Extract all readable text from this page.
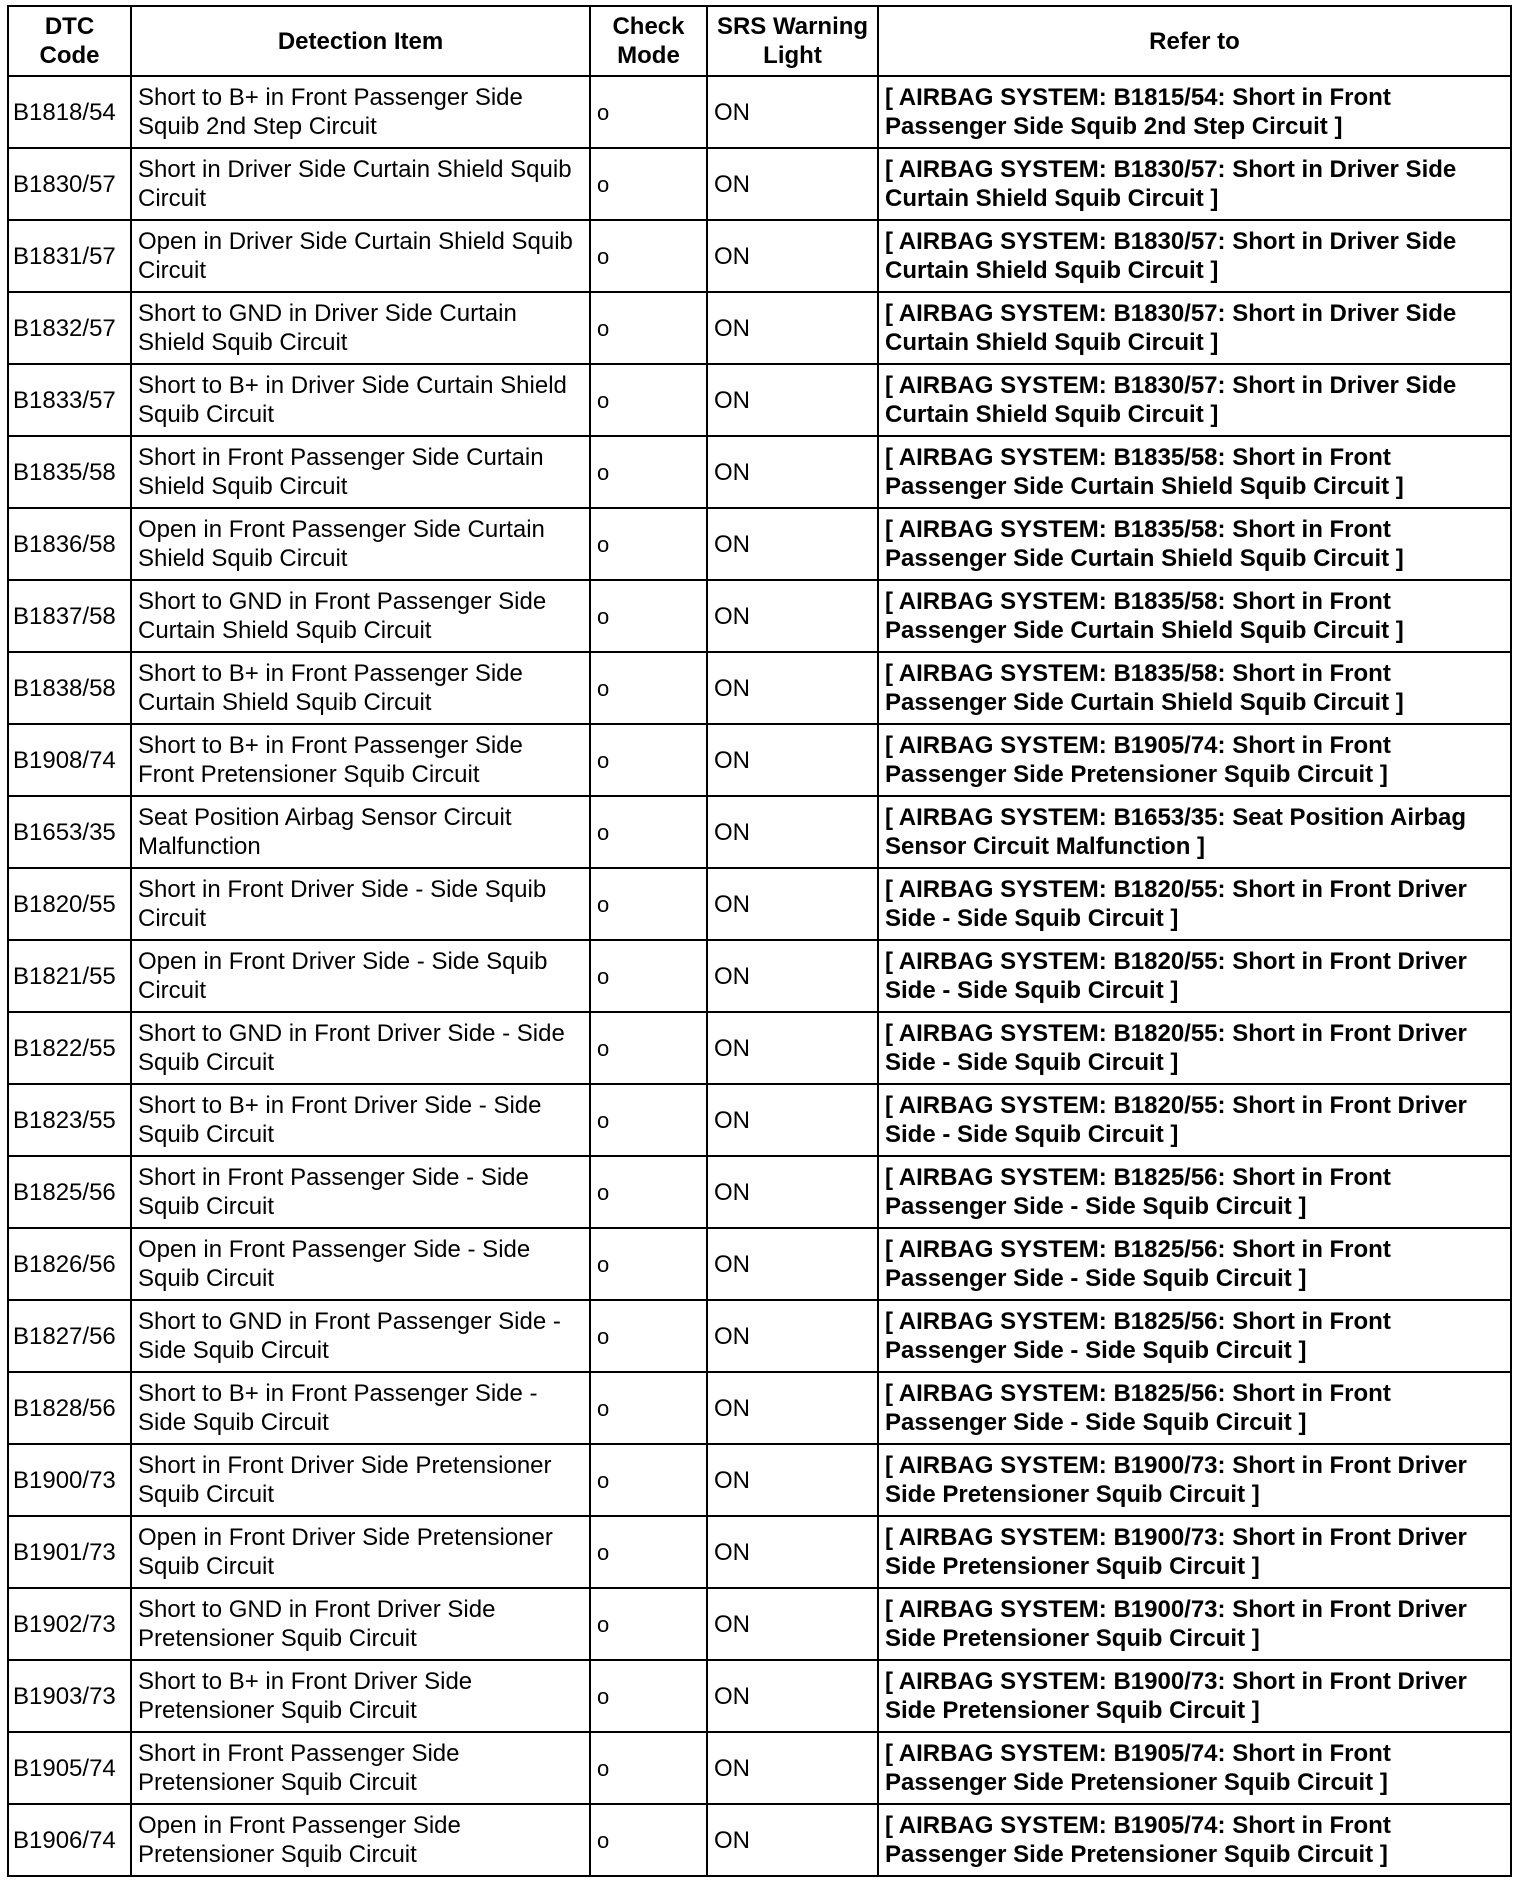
DTC Code	Detection Item	Check Mode	SRS Warning Light	Refer to
B1818/54	Short to B+ in Front Passenger Side Squib 2nd Step Circuit	o	ON	[ AIRBAG SYSTEM: B1815/54: Short in Front Passenger Side Squib 2nd Step Circuit ]
B1830/57	Short in Driver Side Curtain Shield Squib Circuit	o	ON	[ AIRBAG SYSTEM: B1830/57: Short in Driver Side Curtain Shield Squib Circuit ]
B1831/57	Open in Driver Side Curtain Shield Squib Circuit	o	ON	[ AIRBAG SYSTEM: B1830/57: Short in Driver Side Curtain Shield Squib Circuit ]
B1832/57	Short to GND in Driver Side Curtain Shield Squib Circuit	o	ON	[ AIRBAG SYSTEM: B1830/57: Short in Driver Side Curtain Shield Squib Circuit ]
B1833/57	Short to B+ in Driver Side Curtain Shield Squib Circuit	o	ON	[ AIRBAG SYSTEM: B1830/57: Short in Driver Side Curtain Shield Squib Circuit ]
B1835/58	Short in Front Passenger Side Curtain Shield Squib Circuit	o	ON	[ AIRBAG SYSTEM: B1835/58: Short in Front Passenger Side Curtain Shield Squib Circuit ]
B1836/58	Open in Front Passenger Side Curtain Shield Squib Circuit	o	ON	[ AIRBAG SYSTEM: B1835/58: Short in Front Passenger Side Curtain Shield Squib Circuit ]
B1837/58	Short to GND in Front Passenger Side Curtain Shield Squib Circuit	o	ON	[ AIRBAG SYSTEM: B1835/58: Short in Front Passenger Side Curtain Shield Squib Circuit ]
B1838/58	Short to B+ in Front Passenger Side Curtain Shield Squib Circuit	o	ON	[ AIRBAG SYSTEM: B1835/58: Short in Front Passenger Side Curtain Shield Squib Circuit ]
B1908/74	Short to B+ in Front Passenger Side Front Pretensioner Squib Circuit	o	ON	[ AIRBAG SYSTEM: B1905/74: Short in Front Passenger Side Pretensioner Squib Circuit ]
B1653/35	Seat Position Airbag Sensor Circuit Malfunction	o	ON	[ AIRBAG SYSTEM: B1653/35: Seat Position Airbag Sensor Circuit Malfunction ]
B1820/55	Short in Front Driver Side - Side Squib Circuit	o	ON	[ AIRBAG SYSTEM: B1820/55: Short in Front Driver Side - Side Squib Circuit ]
B1821/55	Open in Front Driver Side - Side Squib Circuit	o	ON	[ AIRBAG SYSTEM: B1820/55: Short in Front Driver Side - Side Squib Circuit ]
B1822/55	Short to GND in Front Driver Side - Side Squib Circuit	o	ON	[ AIRBAG SYSTEM: B1820/55: Short in Front Driver Side - Side Squib Circuit ]
B1823/55	Short to B+ in Front Driver Side - Side Squib Circuit	o	ON	[ AIRBAG SYSTEM: B1820/55: Short in Front Driver Side - Side Squib Circuit ]
B1825/56	Short in Front Passenger Side - Side Squib Circuit	o	ON	[ AIRBAG SYSTEM: B1825/56: Short in Front Passenger Side - Side Squib Circuit ]
B1826/56	Open in Front Passenger Side - Side Squib Circuit	o	ON	[ AIRBAG SYSTEM: B1825/56: Short in Front Passenger Side - Side Squib Circuit ]
B1827/56	Short to GND in Front Passenger Side - Side Squib Circuit	o	ON	[ AIRBAG SYSTEM: B1825/56: Short in Front Passenger Side - Side Squib Circuit ]
B1828/56	Short to B+ in Front Passenger Side - Side Squib Circuit	o	ON	[ AIRBAG SYSTEM: B1825/56: Short in Front Passenger Side - Side Squib Circuit ]
B1900/73	Short in Front Driver Side Pretensioner Squib Circuit	o	ON	[ AIRBAG SYSTEM: B1900/73: Short in Front Driver Side Pretensioner Squib Circuit ]
B1901/73	Open in Front Driver Side Pretensioner Squib Circuit	o	ON	[ AIRBAG SYSTEM: B1900/73: Short in Front Driver Side Pretensioner Squib Circuit ]
B1902/73	Short to GND in Front Driver Side Pretensioner Squib Circuit	o	ON	[ AIRBAG SYSTEM: B1900/73: Short in Front Driver Side Pretensioner Squib Circuit ]
B1903/73	Short to B+ in Front Driver Side Pretensioner Squib Circuit	o	ON	[ AIRBAG SYSTEM: B1900/73: Short in Front Driver Side Pretensioner Squib Circuit ]
B1905/74	Short in Front Passenger Side Pretensioner Squib Circuit	o	ON	[ AIRBAG SYSTEM: B1905/74: Short in Front Passenger Side Pretensioner Squib Circuit ]
B1906/74	Open in Front Passenger Side Pretensioner Squib Circuit	o	ON	[ AIRBAG SYSTEM: B1905/74: Short in Front Passenger Side Pretensioner Squib Circuit ]
